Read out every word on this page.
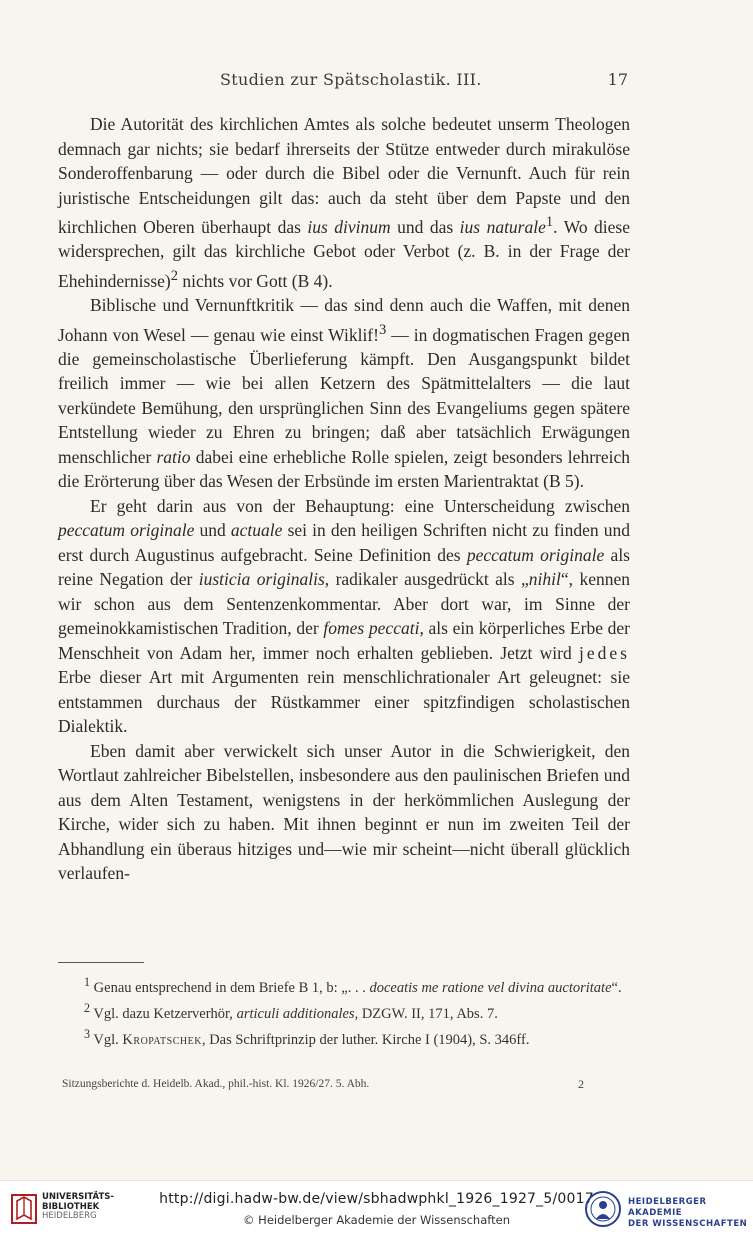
Studien zur Spätscholastik. III.	17

Die Autorität des kirchlichen Amtes als solche bedeutet unserm Theologen demnach gar nichts; sie bedarf ihrerseits der Stütze entweder durch mirakulöse Sonderoffenbarung — oder durch die Bibel oder die Vernunft. Auch für rein juristische Entscheidungen gilt das: auch da steht über dem Papste und den kirchlichen Oberen überhaupt das ius divinum und das ius naturale$^1$. Wo diese widersprechen, gilt das kirchliche Gebot oder Verbot (z. B. in der Frage der Ehehindernisse)$^2$ nichts vor Gott (B 4).

Biblische und Vernunftkritik — das sind denn auch die Waffen, mit denen Johann von Wesel — genau wie einst Wiklif!$^3$ — in dogmatischen Fragen gegen die gemeinscholastische Überlieferung kämpft. Den Ausgangspunkt bildet freilich immer — wie bei allen Ketzern des Spätmittelalters — die laut verkündete Bemühung, den ursprünglichen Sinn des Evangeliums gegen spätere Entstellung wieder zu Ehren zu bringen; daß aber tatsächlich Erwägungen menschlicher ratio dabei eine erhebliche Rolle spielen, zeigt besonders lehrreich die Erörterung über das Wesen der Erbsünde im ersten Marientraktat (B 5).

Er geht darin aus von der Behauptung: eine Unterscheidung zwischen peccatum originale und actuale sei in den heiligen Schriften nicht zu finden und erst durch Augustinus aufgebracht. Seine Definition des peccatum originale als reine Negation der iusticia originalis, radikaler ausgedrückt als „nihil“, kennen wir schon aus dem Sentenzenkommentar. Aber dort war, im Sinne der gemeinokkamistischen Tradition, der fomes peccati, als ein körperliches Erbe der Menschheit von Adam her, immer noch erhalten geblieben. Jetzt wird jedes Erbe dieser Art mit Argumenten rein menschlichrationaler Art geleugnet: sie entstammen durchaus der Rüstkammer einer spitzfindigen scholastischen Dialektik.

Eben damit aber verwickelt sich unser Autor in die Schwierigkeit, den Wortlaut zahlreicher Bibelstellen, insbesondere aus den paulinischen Briefen und aus dem Alten Testament, wenigstens in der herkömmlichen Auslegung der Kirche, wider sich zu haben. Mit ihnen beginnt er nun im zweiten Teil der Abhandlung ein überaus hitziges und—wie mir scheint—nicht überall glücklich verlaufen-

$^1$ Genau entsprechend in dem Briefe B 1, b: „. . . doceatis me ratione vel divina auctoritate“.

$^2$ Vgl. dazu Ketzerverhör, articuli additionales, DZGW. II, 171, Abs. 7.

$^3$ Vgl. Kropatschek, Das Schriftprinzip der luther. Kirche I (1904), S. 346ff.

Sitzungsberichte d. Heidelb. Akad., phil.-hist. Kl. 1926/27. 5. Abh.	2
UNIVERSITÄTS-
BIBLIOTHEK
HEIDELBERG
http://digi.hadw-bw.de/view/sbhadwphkl_1926_1927_5/0017
© Heidelberger Akademie der Wissenschaften
HEIDELBERGER AKADEMIE
DER WISSENSCHAFTEN
